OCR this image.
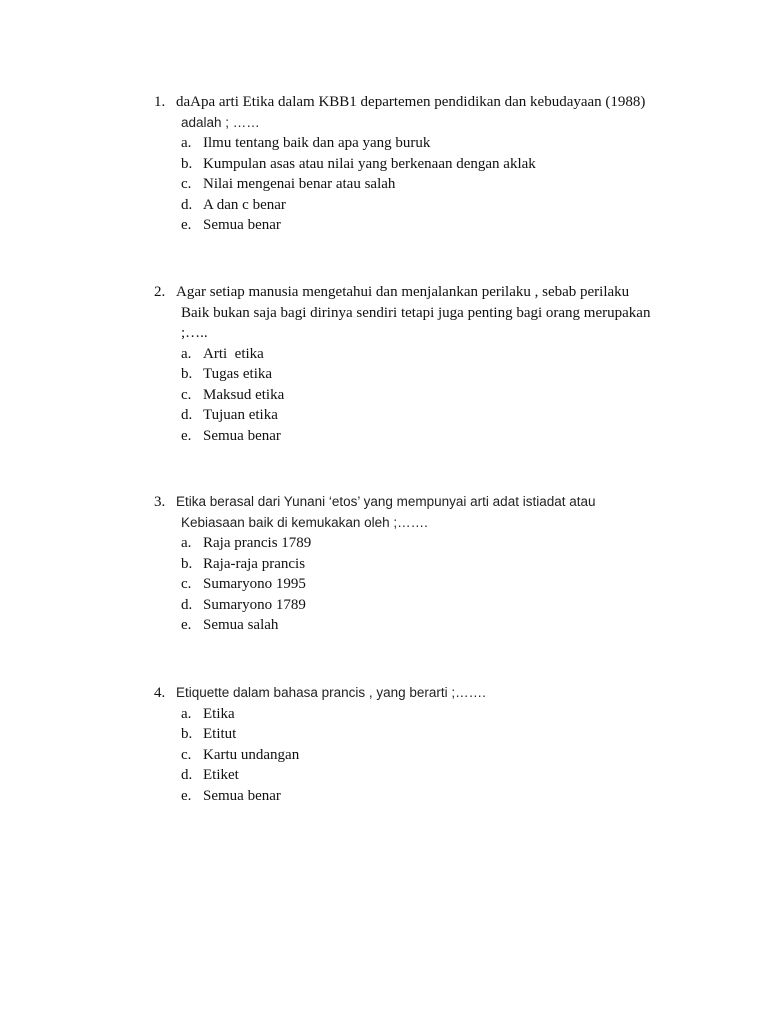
1. daApa arti Etika dalam KBB1 departemen pendidikan dan kebudayaan (1988)
adalah ; ……
a. Ilmu tentang baik dan apa yang buruk
b. Kumpulan asas atau nilai yang berkenaan dengan aklak
c. Nilai mengenai benar atau salah
d. A dan c benar
e. Semua benar
2. Agar setiap manusia mengetahui dan menjalankan perilaku , sebab perilaku
Baik bukan saja bagi dirinya sendiri tetapi juga penting bagi orang merupakan
;…..
a. Arti  etika
b. Tugas etika
c. Maksud etika
d. Tujuan etika
e. Semua benar
3. Etika berasal dari Yunani ‘etos’ yang mempunyai arti adat istiadat atau
Kebiasaan baik di kemukakan oleh ;…….
a. Raja prancis 1789
b. Raja-raja prancis
c. Sumaryono 1995
d. Sumaryono 1789
e. Semua salah
4. Etiquette dalam bahasa prancis , yang berarti ;…….
a. Etika
b. Etitut
c. Kartu undangan
d. Etiket
e. Semua benar
